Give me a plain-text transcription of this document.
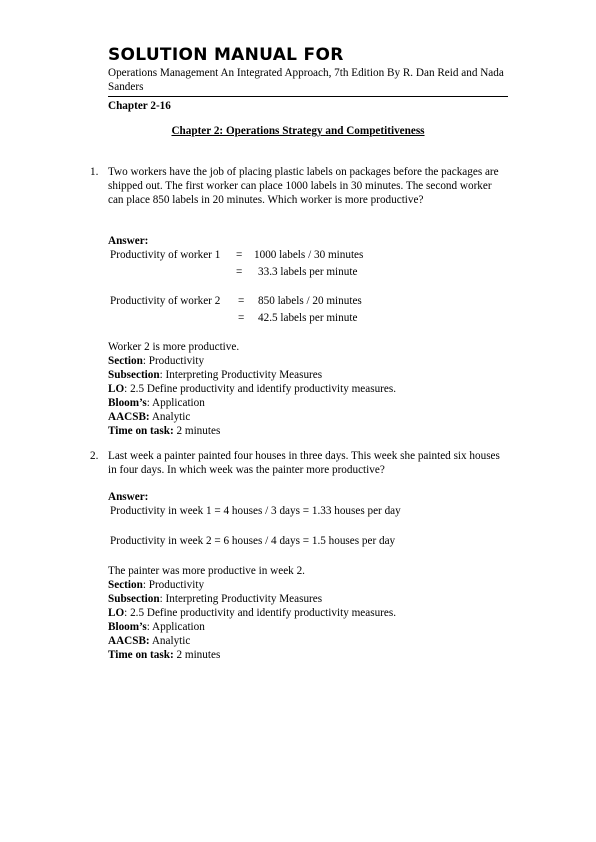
SOLUTION MANUAL FOR
Operations Management An Integrated Approach, 7th Edition By R. Dan Reid and Nada Sanders
Chapter 2-16
Chapter 2: Operations Strategy and Competitiveness
1. Two workers have the job of placing plastic labels on packages before the packages are shipped out. The first worker can place 1000 labels in 30 minutes. The second worker can place 850 labels in 20 minutes. Which worker is more productive?
Answer:
Productivity of worker 1 = 1000 labels / 30 minutes
= 33.3 labels per minute
Productivity of worker 2 = 850 labels / 20 minutes
= 42.5 labels per minute
Worker 2 is more productive.
Section: Productivity
Subsection: Interpreting Productivity Measures
LO: 2.5 Define productivity and identify productivity measures.
Bloom’s: Application
AACSB: Analytic
Time on task: 2 minutes
2. Last week a painter painted four houses in three days. This week she painted six houses in four days. In which week was the painter more productive?
Answer:
Productivity in week 1 = 4 houses / 3 days = 1.33 houses per day
Productivity in week 2 = 6 houses / 4 days = 1.5 houses per day
The painter was more productive in week 2.
Section: Productivity
Subsection: Interpreting Productivity Measures
LO: 2.5 Define productivity and identify productivity measures.
Bloom’s: Application
AACSB: Analytic
Time on task: 2 minutes
